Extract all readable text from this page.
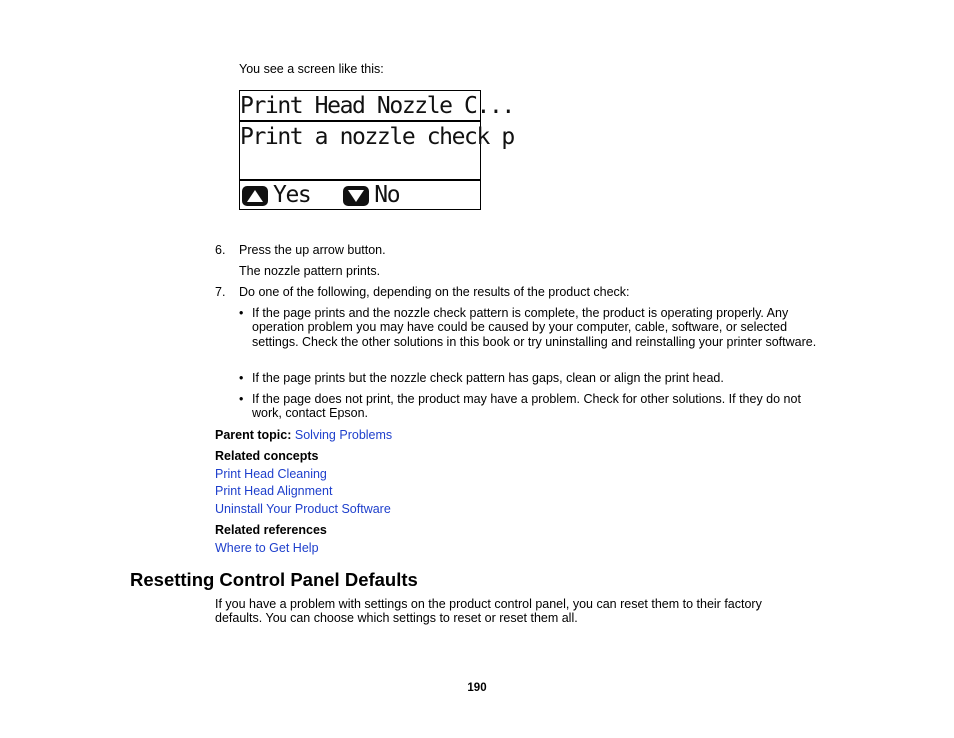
You see a screen like this:
Print Head Nozzle C...
Print a nozzle check p
Yes	No
6. Press the up arrow button.
The nozzle pattern prints.
7. Do one of the following, depending on the results of the product check:
• If the page prints and the nozzle check pattern is complete, the product is operating properly. Any operation problem you may have could be caused by your computer, cable, software, or selected settings. Check the other solutions in this book or try uninstalling and reinstalling your printer software.
• If the page prints but the nozzle check pattern has gaps, clean or align the print head.
• If the page does not print, the product may have a problem. Check for other solutions. If they do not work, contact Epson.
Parent topic: Solving Problems
Related concepts
Print Head Cleaning
Print Head Alignment
Uninstall Your Product Software
Related references
Where to Get Help
Resetting Control Panel Defaults
If you have a problem with settings on the product control panel, you can reset them to their factory defaults. You can choose which settings to reset or reset them all.
190
